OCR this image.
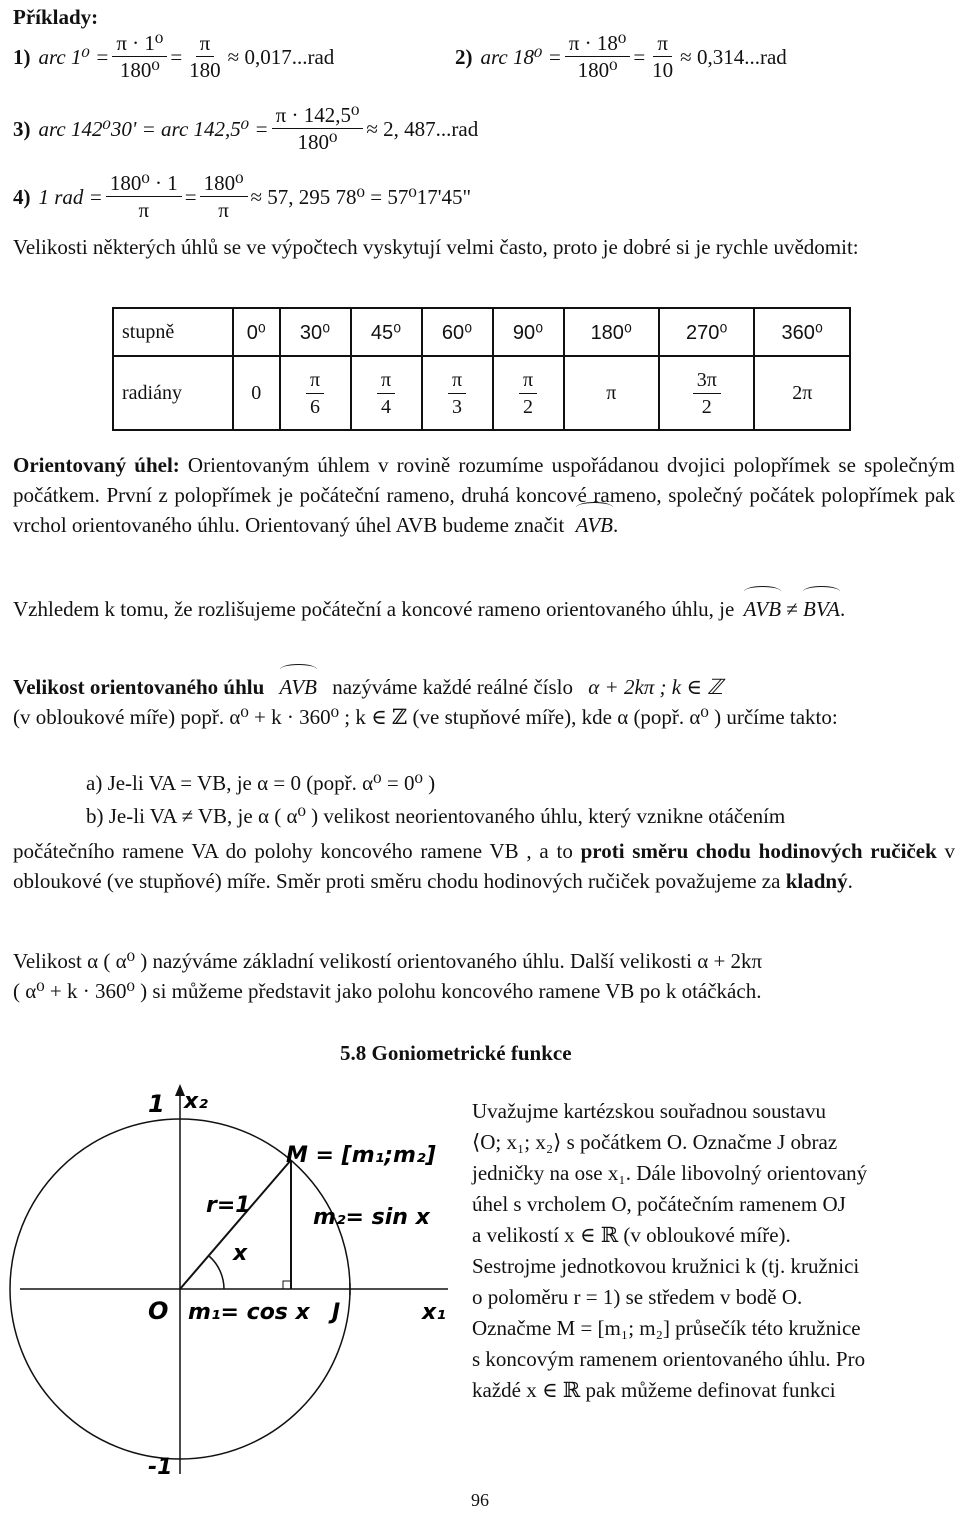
Příklady:
1) arc $1^0 = \frac{\text{π · 1⁰}}{\text{180⁰}} = \frac{\pi}{180} \approx 0,017...rad$	2) arc $18^0 = \frac{\text{π · 18⁰}}{\text{180⁰}} = \frac{\pi}{10} \approx 0,314...rad$
3) arc 142⁰30' = arc $142,5^0 = \frac{\text{π · 142,5⁰}}{\text{180⁰}} \approx 2$, 487...rad
4) 1 rad = $\frac{\text{180⁰ · 1}}{\pi} = \frac{\text{180⁰}}{\pi} \approx 57$, 295 78⁰ = 57⁰17'45"
Velikosti některých úhlů se ve výpočtech vyskytují velmi často, proto je dobré si je rychle uvědomit:
stupně	0⁰	30⁰	45⁰	60⁰	90⁰	180⁰	270⁰	360⁰
radiány	0	$\frac{\pi}{6}$	$\frac{\pi}{4}$	$\frac{\pi}{3}$	$\frac{\pi}{2}$	π	$\frac{3\pi}{2}$	2π
Orientovaný úhel: Orientovaným úhlem v rovině rozumíme uspořádanou dvojici polopřímek se společným počátkem. První z polopřímek je počáteční rameno, druhá koncové rameno, společný počátek polopřímek pak vrchol orientovaného úhlu. Orientovaný úhel AVB budeme značit AVB.
Vzhledem k tomu, že rozlišujeme počáteční a koncové rameno orientovaného úhlu, je AVB ≠ BVA.
Velikost orientovaného úhlu AVB nazýváme každé reálné číslo α + 2kπ ; k ∈ ℤ
(v obloukové míře) popř. α⁰ + k · 360⁰ ; k ∈ ℤ (ve stupňové míře), kde α (popř. α⁰ ) určíme takto:
a) Je-li VA = VB, je α = 0 (popř. α⁰ = 0⁰ )
b) Je-li VA ≠ VB, je α ( α⁰ ) velikost neorientovaného úhlu, který vznikne otáčením
počátečního ramene VA do polohy koncového ramene VB , a to proti směru chodu hodinových ručiček v obloukové (ve stupňové) míře. Směr proti směru chodu hodinových ručiček považujeme za kladný.
Velikost α ( α⁰ ) nazýváme základní velikostí orientovaného úhlu. Další velikosti α + 2kπ
( α⁰ + k · 360⁰ ) si můžeme představit jako polohu koncového ramene VB po k otáčkách.
5.8 Goniometrické funkce
1 x₂
M = [m₁;m₂]
r=1	m₂= sin x
x
O m₁= cos x J	x₁
-1
Uvažujme kartézskou souřadnou soustavu
⟨O; x₁; x₂⟩ s počátkem O. Označme J obraz
jedničky na ose x₁. Dále libovolný orientovaný
úhel s vrcholem O, počátečním ramenem OJ
a velikostí x ∈ ℝ (v obloukové míře).
Sestrojme jednotkovou kružnici k (tj. kružnici
o poloměru r = 1) se středem v bodě O.
Označme M = [m₁; m₂] průsečík této kružnice
s koncovým ramenem orientovaného úhlu. Pro
každé x ∈ ℝ pak můžeme definovat funkci
96
